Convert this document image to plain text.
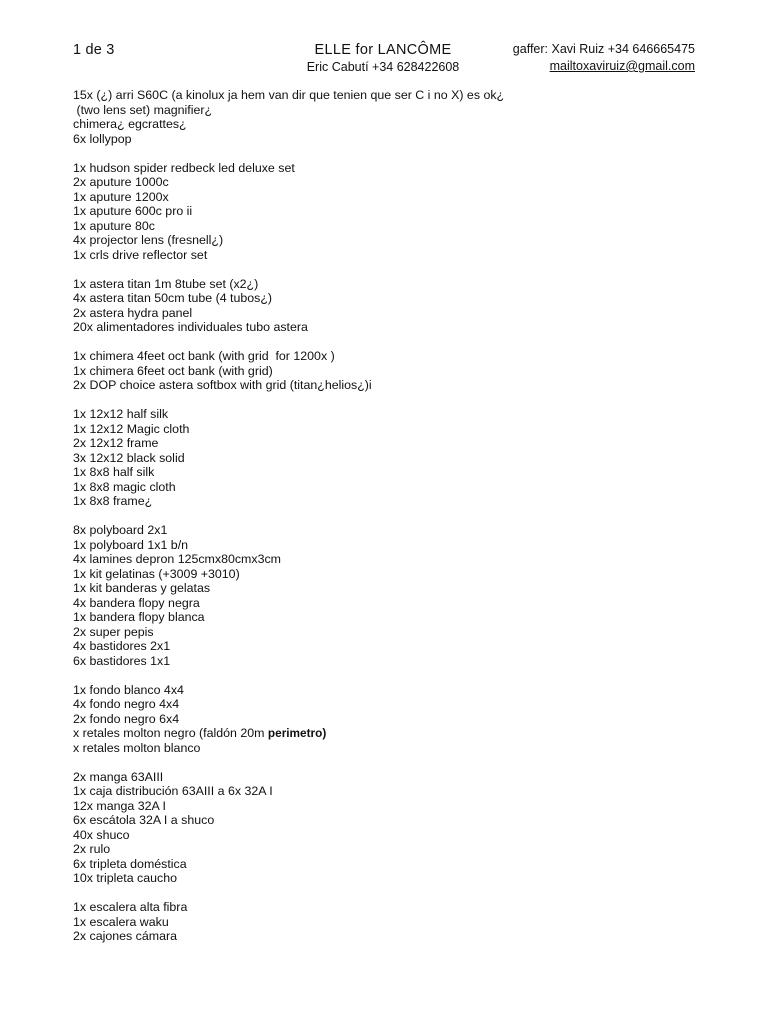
1 de 3	ELLE for LANCÔME
Eric Cabutí +34 628422608
gaffer: Xavi Ruiz +34 646665475
mailtoxaviruiz@gmail.com
15x (¿) arri S60C (a kinolux ja hem van dir que tenien que ser C i no X) es ok¿
(two lens set) magnifier¿
chimera¿ egcrattes¿
6x lollypop
1x hudson spider redbeck led deluxe set
2x aputure 1000c
1x aputure 1200x
1x aputure 600c pro ii
1x aputure 80c
4x projector lens (fresnell¿)
1x crls drive reflector set
1x astera titan 1m 8tube set (x2¿)
4x astera titan 50cm tube (4 tubos¿)
2x astera hydra panel
20x alimentadores individuales tubo astera
1x chimera 4feet oct bank (with grid  for 1200x )
1x chimera 6feet oct bank (with grid)
2x DOP choice astera softbox with grid (titan¿helios¿)i
1x 12x12 half silk
1x 12x12 Magic cloth
2x 12x12 frame
3x 12x12 black solid
1x 8x8 half silk
1x 8x8 magic cloth
1x 8x8 frame¿
8x polyboard 2x1
1x polyboard 1x1 b/n
4x lamines depron 125cmx80cmx3cm
1x kit gelatinas (+3009 +3010)
1x kit banderas y gelatas
4x bandera flopy negra
1x bandera flopy blanca
2x super pepis
4x bastidores 2x1
6x bastidores 1x1
1x fondo blanco 4x4
4x fondo negro 4x4
2x fondo negro 6x4
x retales molton negro (faldón 20m perimetro)
x retales molton blanco
2x manga 63AIII
1x caja distribución 63AIII a 6x 32A I
12x manga 32A I
6x escátola 32A I a shuco
40x shuco
2x rulo
6x tripleta doméstica
10x tripleta caucho
1x escalera alta fibra
1x escalera waku
2x cajones cámara
